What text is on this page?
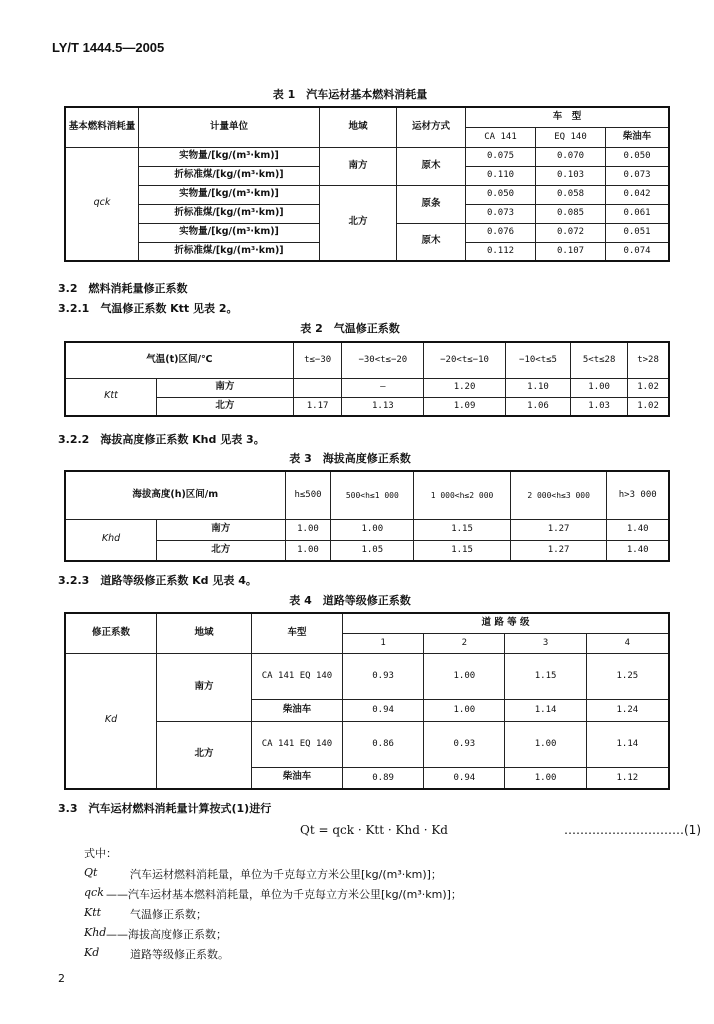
LY/T 1444.5—2005
表 1　汽车运材基本燃料消耗量
基本燃料消耗量	计量单位	地域	运材方式	车　型		
				CA 141	EQ 140	柴油车
qck	实物量/[kg/(m³·km)]	南方	原木	0.075	0.070	0.050
	折标准煤/[kg/(m³·km)]			0.110	0.103	0.073
	实物量/[kg/(m³·km)]	北方	原条	0.050	0.058	0.042
	折标准煤/[kg/(m³·km)]			0.073	0.085	0.061
	实物量/[kg/(m³·km)]		原木	0.076	0.072	0.051
	折标准煤/[kg/(m³·km)]			0.112	0.107	0.074
3.2　燃料消耗量修正系数
3.2.1　气温修正系数 Ktt 见表 2。
表 2　气温修正系数
气温(t)区间/℃		t≤−30	−30<t≤−20	−20<t≤−10	−10<t≤5	5<t≤28	t>28
Ktt	南方		—	1.20	1.10	1.00	1.02
	北方	1.17	1.13	1.09	1.06	1.03	1.02
3.2.2　海拔高度修正系数 Khd 见表 3。
表 3　海拔高度修正系数
海拔高度(h)区间/m		h≤500	500<h≤1 000	1 000<h≤2 000	2 000<h≤3 000	h>3 000
Khd	南方	1.00	1.00	1.15	1.27	1.40
	北方	1.00	1.05	1.15	1.27	1.40
3.2.3　道路等级修正系数 Kd 见表 4。
表 4　道路等级修正系数
修正系数	地域	车型	道 路 等 级			
			1	2	3	4
Kd	南方	CA 141 EQ 140	0.93	1.00	1.15	1.25
		柴油车	0.94	1.00	1.14	1.24
	北方	CA 141 EQ 140	0.86	0.93	1.00	1.14
		柴油车	0.89	0.94	1.00	1.12
3.3　汽车运材燃料消耗量计算按式(1)进行
Qt = qck · Ktt · Khd · Kd	…………………………(1)
式中：
Qt	汽车运材燃料消耗量，单位为千克每立方米公里[kg/(m³·km)]；
qck ——汽车运材基本燃料消耗量，单位为千克每立方米公里[kg/(m³·km)]；
Ktt	气温修正系数；
Khd ——海拔高度修正系数；
Kd	道路等级修正系数。
2
